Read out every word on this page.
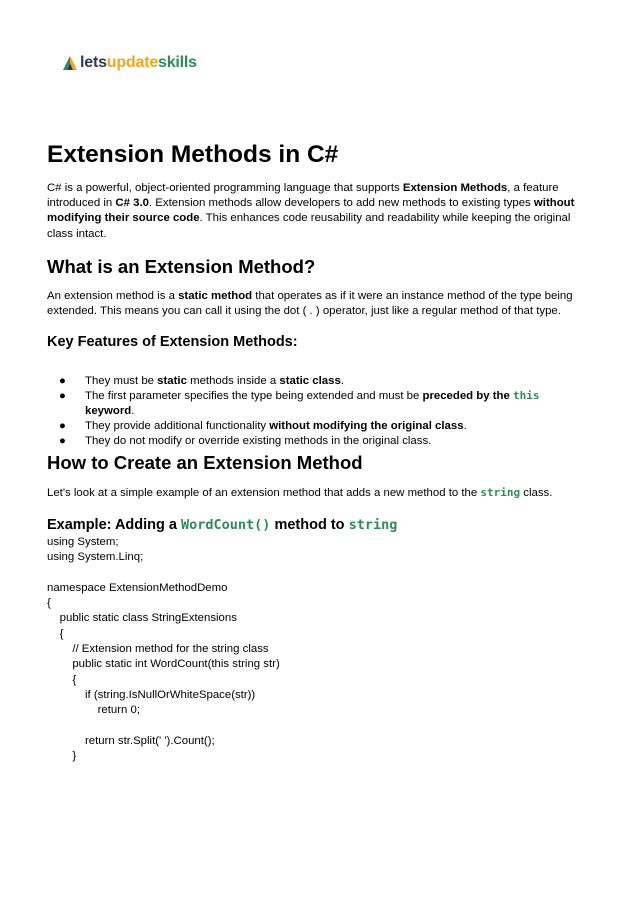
letsupdateskills
Extension Methods in C#

C# is a powerful, object-oriented programming language that supports Extension Methods, a feature introduced in C# 3.0. Extension methods allow developers to add new methods to existing types without modifying their source code. This enhances code reusability and readability while keeping the original class intact.

What is an Extension Method?

An extension method is a static method that operates as if it were an instance method of the type being extended. This means you can call it using the dot ( . ) operator, just like a regular method of that type.

Key Features of Extension Methods:
● They must be static methods inside a static class.
● The first parameter specifies the type being extended and must be preceded by the this
keyword.
● They provide additional functionality without modifying the original class.
● They do not modify or override existing methods in the original class.
How to Create an Extension Method

Let's look at a simple example of an extension method that adds a new method to the string class.

Example: Adding a WordCount() method to string
using System;
using System.Linq;
namespace ExtensionMethodDemo
{
public static class StringExtensions
{
// Extension method for the string class
public static int WordCount(this string str)
{
if (string.IsNullOrWhiteSpace(str))
return 0;
return str.Split(' ').Count();
}
